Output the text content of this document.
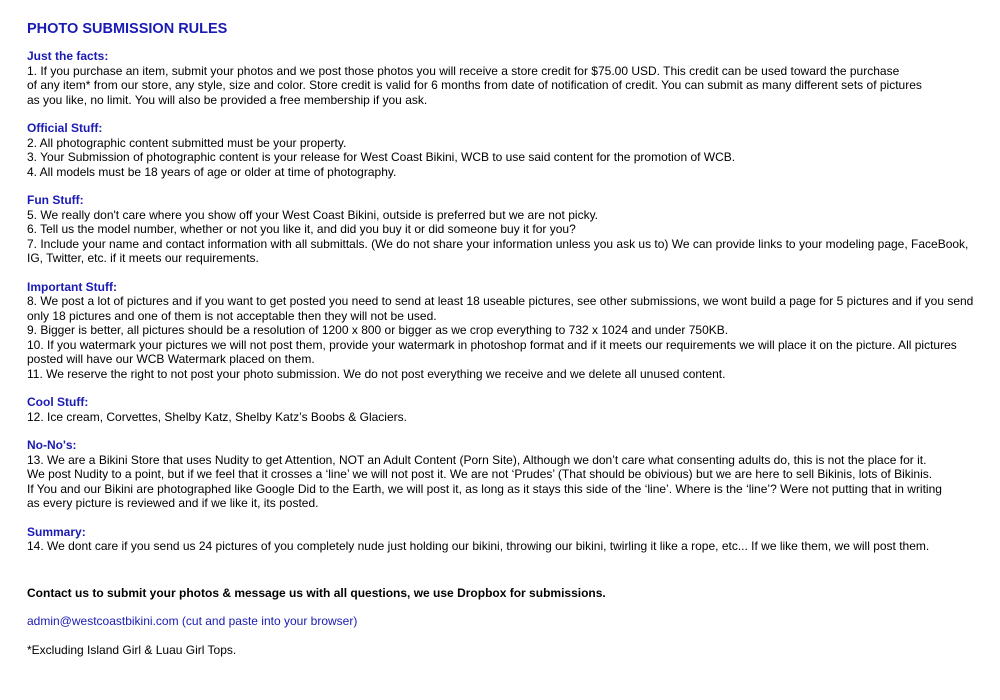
PHOTO SUBMISSION RULES
Just the facts:
1. If you purchase an item, submit your photos and we post those photos you will receive a store credit for $75.00 USD. This credit can be used toward the purchase
of any item* from our store, any style, size and color. Store credit is valid for 6 months from date of notification of credit. You can submit as many different sets of pictures
as you like, no limit. You will also be provided a free membership if you ask.
Official Stuff:
2. All photographic content submitted must be your property.
3. Your Submission of photographic content is your release for West Coast Bikini, WCB to use said content for the promotion of WCB.
4. All models must be 18 years of age or older at time of photography.
Fun Stuff:
5. We really don't care where you show off your West Coast Bikini, outside is preferred but we are not picky.
6. Tell us the model number, whether or not you like it, and did you buy it or did someone buy it for you?
7. Include your name and contact information with all submittals. (We do not share your information unless you ask us to) We can provide links to your modeling page, FaceBook,
IG, Twitter, etc. if it meets our requirements.
Important Stuff:
8. We post a lot of pictures and if you want to get posted you need to send at least 18 useable pictures, see other submissions, we wont build a page for 5 pictures and if you send
only 18 pictures and one of them is not acceptable then they will not be used.
9. Bigger is better, all pictures should be a resolution of 1200 x 800 or bigger as we crop everything to 732 x 1024 and under 750KB.
10. If you watermark your pictures we will not post them, provide your watermark in photoshop format and if it meets our requirements we will place it on the picture. All pictures
posted will have our WCB Watermark placed on them.
11. We reserve the right to not post your photo submission. We do not post everything we receive and we delete all unused content.
Cool Stuff:
12. Ice cream, Corvettes, Shelby Katz, Shelby Katz’s Boobs & Glaciers.
No-No's:
13. We are a Bikini Store that uses Nudity to get Attention, NOT an Adult Content (Porn Site), Although we don’t care what consenting adults do, this is not the place for it.
We post Nudity to a point, but if we feel that it crosses a ‘line’ we will not post it. We are not ‘Prudes’ (That should be obivious) but we are here to sell Bikinis, lots of Bikinis.
If You and our Bikini are photographed like Google Did to the Earth, we will post it, as long as it stays this side of the ‘line’. Where is the ‘line’? Were not putting that in writing
as every picture is reviewed and if we like it, its posted.
Summary:
14. We dont care if you send us 24 pictures of you completely nude just holding our bikini, throwing our bikini, twirling it like a rope, etc... If we like them, we will post them.
Contact us to submit your photos & message us with all questions, we use Dropbox for submissions.
admin@westcoastbikini.com (cut and paste into your browser)
*Excluding Island Girl & Luau Girl Tops.
